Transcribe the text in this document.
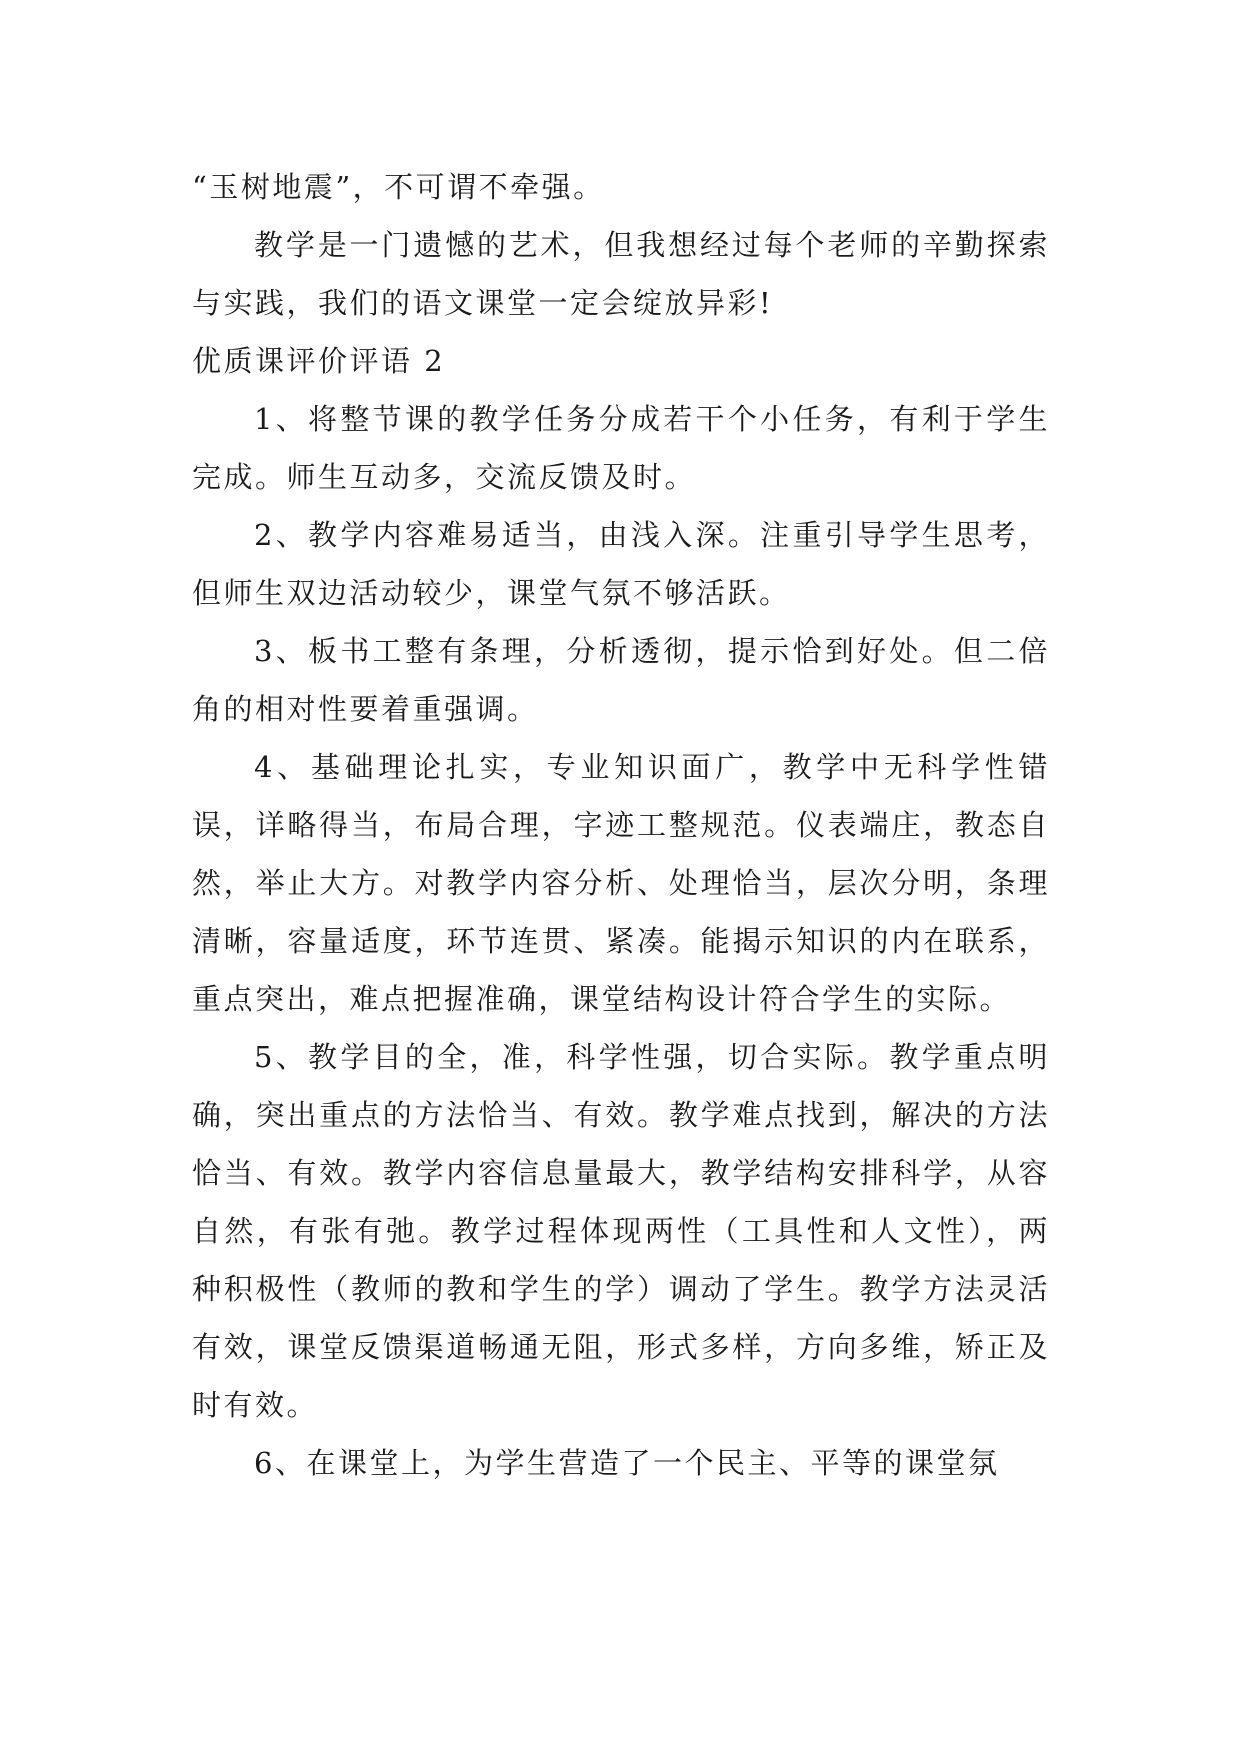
“玉树地震”，不可谓不牵强。

教学是一门遗憾的艺术，但我想经过每个老师的辛勤探索与实践，我们的语文课堂一定会绽放异彩!

优质课评价评语 2

1、将整节课的教学任务分成若干个小任务，有利于学生完成。师生互动多，交流反馈及时。

2、教学内容难易适当，由浅入深。注重引导学生思考，但师生双边活动较少，课堂气氛不够活跃。

3、板书工整有条理，分析透彻，提示恰到好处。但二倍角的相对性要着重强调。

4、基础理论扎实，专业知识面广，教学中无科学性错误，详略得当，布局合理，字迹工整规范。仪表端庄，教态自然，举止大方。对教学内容分析、处理恰当，层次分明，条理清晰，容量适度，环节连贯、紧凑。能揭示知识的内在联系，重点突出，难点把握准确，课堂结构设计符合学生的实际。

5、教学目的全，准，科学性强，切合实际。教学重点明确，突出重点的方法恰当、有效。教学难点找到，解决的方法恰当、有效。教学内容信息量最大，教学结构安排科学，从容自然，有张有弛。教学过程体现两性（工具性和人文性），两种积极性（教师的教和学生的学）调动了学生。教学方法灵活有效，课堂反馈渠道畅通无阻，形式多样，方向多维，矫正及时有效。

6、在课堂上，为学生营造了一个民主、平等的课堂氛
